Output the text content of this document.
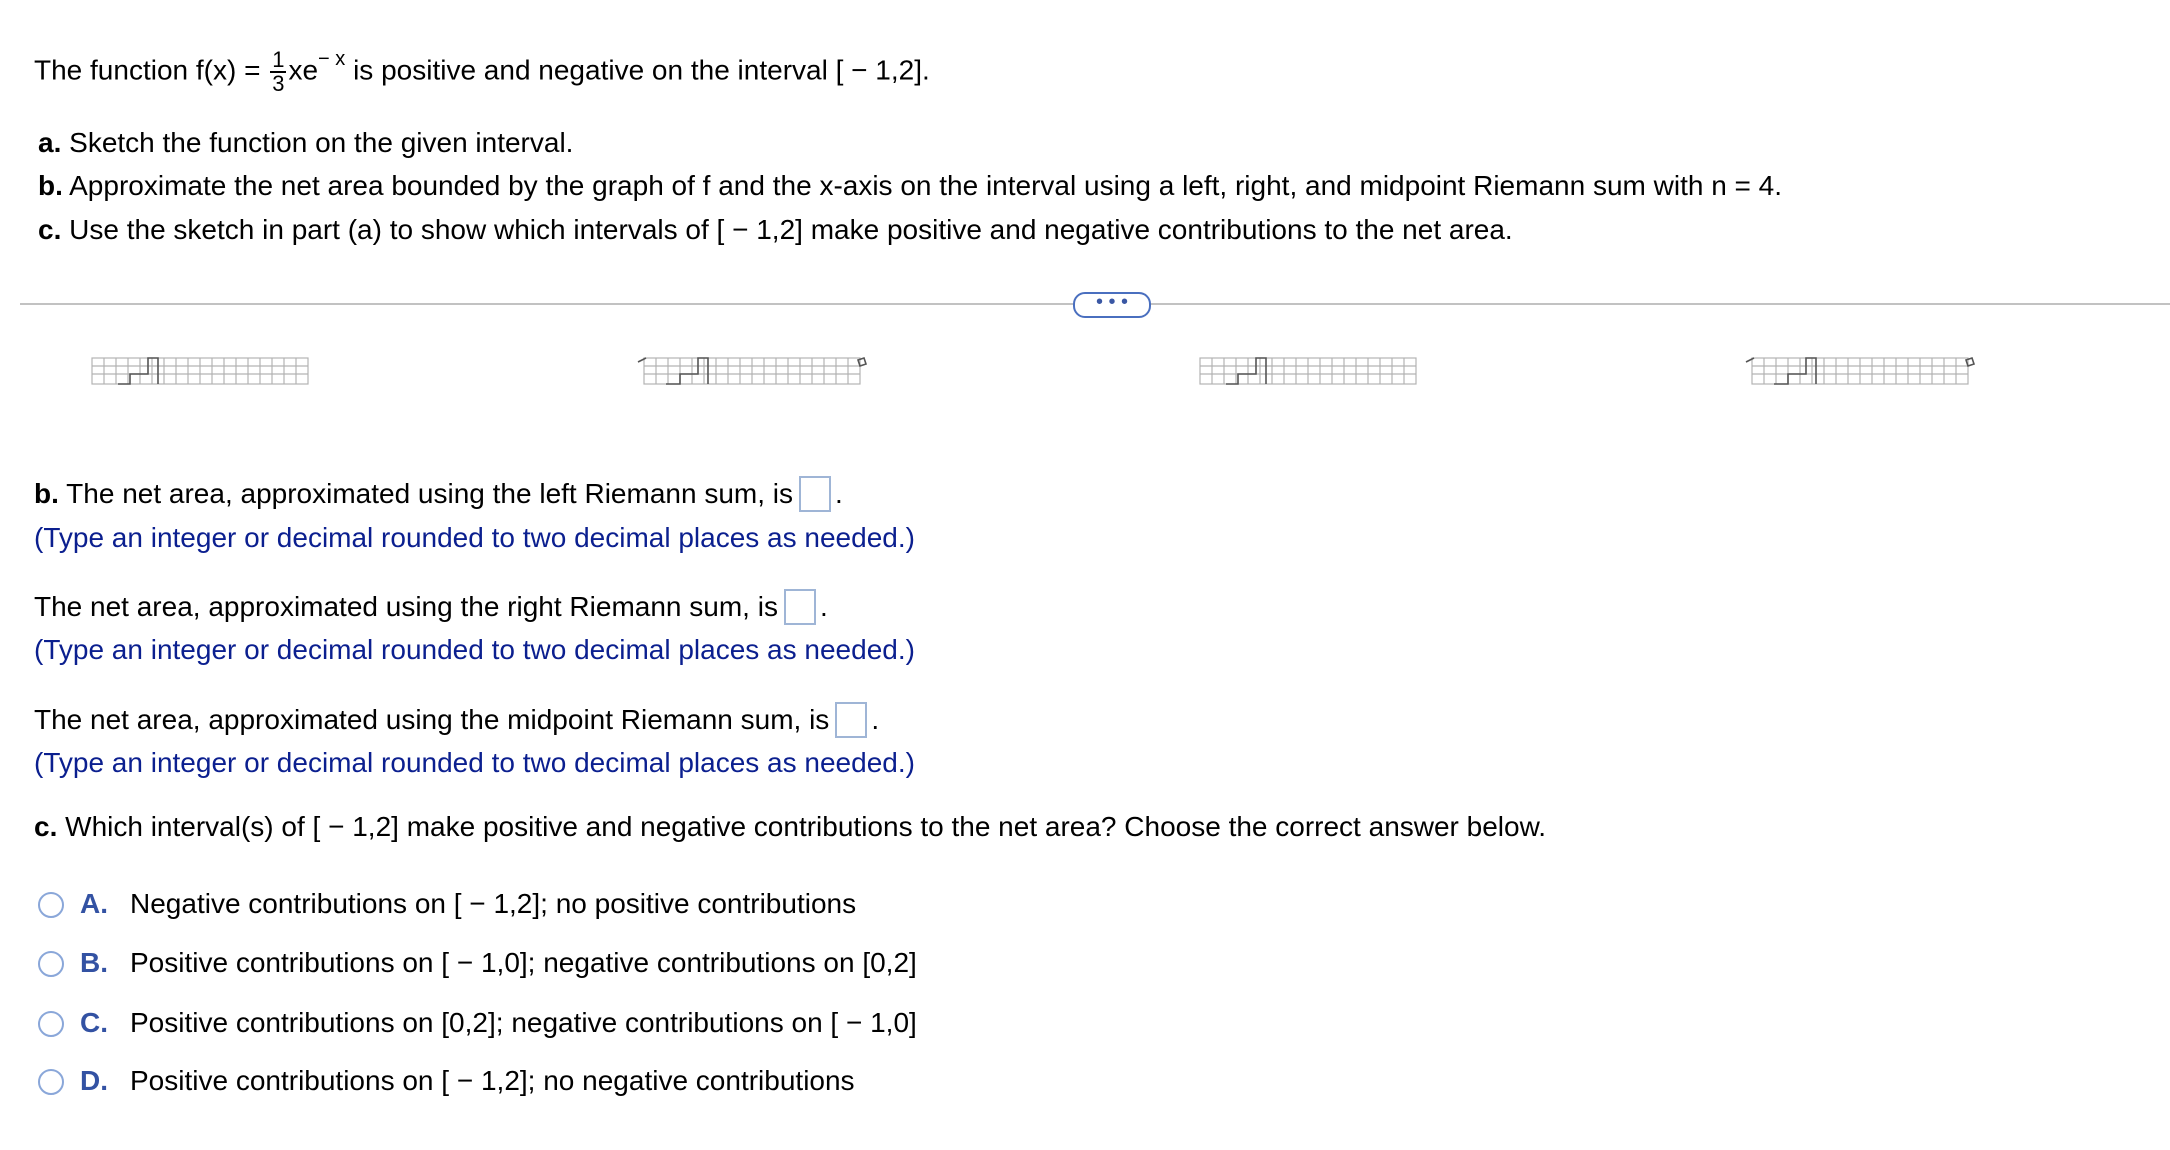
The function $f(x) = \frac{1}{3} xe^{- x}$ is positive and negative on the interval [ − 1,2].
a. Sketch the function on the given interval.
b. Approximate the net area bounded by the graph of f and the x-axis on the interval using a left, right, and midpoint Riemann sum with n = 4.
c. Use the sketch in part (a) to show which intervals of [ − 1,2] make positive and negative contributions to the net area.
• • •
b. The net area, approximated using the left Riemann sum, is .
(Type an integer or decimal rounded to two decimal places as needed.)
The net area, approximated using the right Riemann sum, is .
(Type an integer or decimal rounded to two decimal places as needed.)
The net area, approximated using the midpoint Riemann sum, is .
(Type an integer or decimal rounded to two decimal places as needed.)
c. Which interval(s) of [ − 1,2] make positive and negative contributions to the net area? Choose the correct answer below.
A. Negative contributions on [ − 1,2]; no positive contributions
B. Positive contributions on [ − 1,0]; negative contributions on [0,2]
C. Positive contributions on [0,2]; negative contributions on [ − 1,0]
D. Positive contributions on [ − 1,2]; no negative contributions
